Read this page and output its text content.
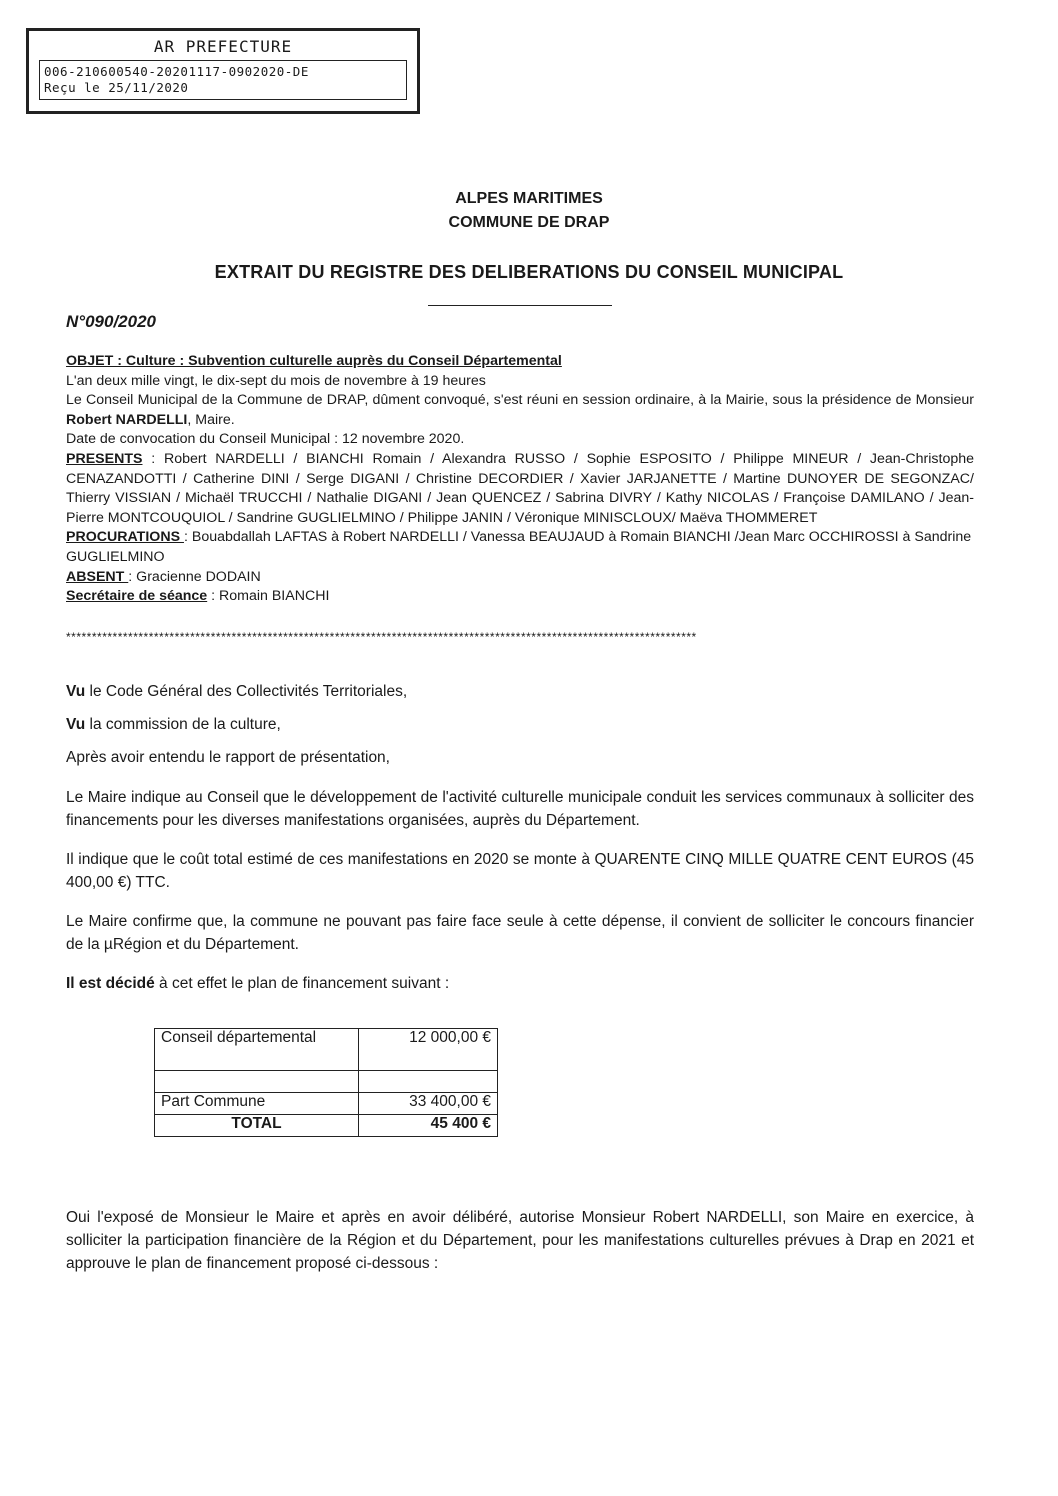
AR PREFECTURE
006-210600540-20201117-0902020-DE
Reçu le 25/11/2020
ALPES MARITIMES
COMMUNE DE DRAP
EXTRAIT DU REGISTRE DES DELIBERATIONS DU CONSEIL MUNICIPAL
N°090/2020

OBJET : Culture : Subvention culturelle auprès du Conseil Départemental

L'an deux mille vingt, le dix-sept du mois de novembre à 19 heures

Le Conseil Municipal de la Commune de DRAP, dûment convoqué, s'est réuni en session ordinaire, à la Mairie, sous la présidence de Monsieur Robert NARDELLI, Maire.

Date de convocation du Conseil Municipal : 12 novembre 2020.

PRESENTS : Robert NARDELLI / BIANCHI Romain / Alexandra RUSSO / Sophie ESPOSITO / Philippe MINEUR / Jean-Christophe CENAZANDOTTI / Catherine DINI / Serge DIGANI / Christine DECORDIER / Xavier JARJANETTE / Martine DUNOYER DE SEGONZAC/ Thierry VISSIAN / Michaël TRUCCHI / Nathalie DIGANI / Jean QUENCEZ / Sabrina DIVRY / Kathy NICOLAS / Françoise DAMILANO / Jean-Pierre MONTCOUQUIOL / Sandrine GUGLIELMINO / Philippe JANIN / Véronique MINISCLOUX/ Maëva THOMMERET

PROCURATIONS : Bouabdallah LAFTAS à Robert NARDELLI / Vanessa BEAUJAUD à Romain BIANCHI /Jean Marc OCCHIROSSI à Sandrine GUGLIELMINO

ABSENT : Gracienne DODAIN

Secrétaire de séance : Romain BIANCHI

**************************************************************************************************************************

Vu le Code Général des Collectivités Territoriales,

Vu la commission de la culture,

Après avoir entendu le rapport de présentation,

Le Maire indique au Conseil que le développement de l'activité culturelle municipale conduit les services communaux à solliciter des financements pour les diverses manifestations organisées, auprès du Département.

Il indique que le coût total estimé de ces manifestations en 2020 se monte à QUARENTE CINQ MILLE QUATRE CENT EUROS (45 400,00 €) TTC.

Le Maire confirme que, la commune ne pouvant pas faire face seule à cette dépense, il convient de solliciter le concours financier de la µRégion et du Département.

Il est décidé à cet effet le plan de financement suivant :

Conseil départemental	12 000,00 €

Part Commune	33 400,00 €
TOTAL	45 400 €

Oui l'exposé de Monsieur le Maire et après en avoir délibéré, autorise Monsieur Robert NARDELLI, son Maire en exercice, à solliciter la participation financière de la Région et du Département, pour les manifestations culturelles prévues à Drap en 2021 et approuve le plan de financement proposé ci-dessous :
